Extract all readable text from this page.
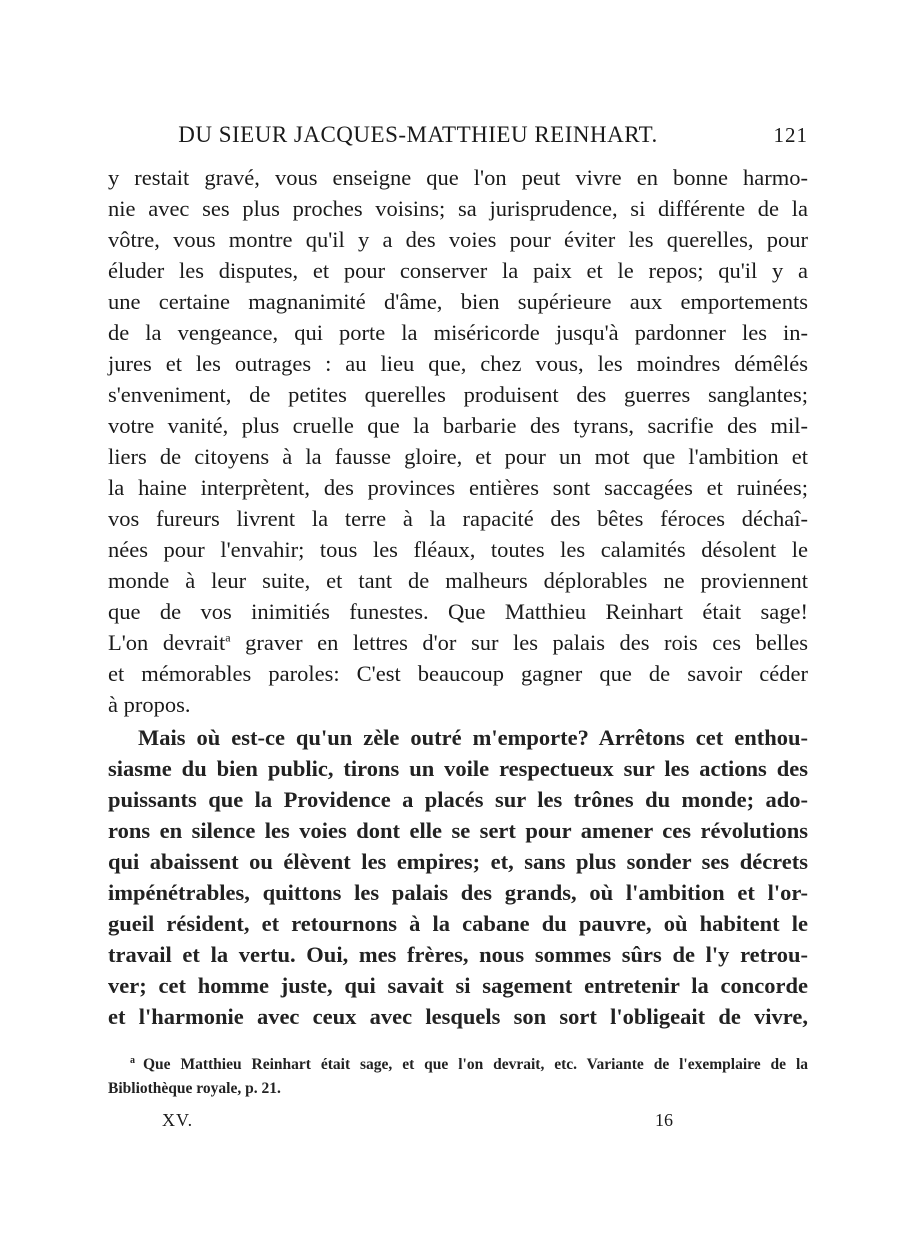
DU SIEUR JACQUES-MATTHIEU REINHART.	121
y restait gravé, vous enseigne que l'on peut vivre en bonne harmo-
nie avec ses plus proches voisins; sa jurisprudence, si différente de la
vôtre, vous montre qu'il y a des voies pour éviter les querelles, pour
éluder les disputes, et pour conserver la paix et le repos; qu'il y a
une certaine magnanimité d'âme, bien supérieure aux emportements
de la vengeance, qui porte la miséricorde jusqu'à pardonner les in-
jures et les outrages : au lieu que, chez vous, les moindres démêlés
s'enveniment, de petites querelles produisent des guerres sanglantes;
votre vanité, plus cruelle que la barbarie des tyrans, sacrifie des mil-
liers de citoyens à la fausse gloire, et pour un mot que l'ambition et
la haine interprètent, des provinces entières sont saccagées et ruinées;
vos fureurs livrent la terre à la rapacité des bêtes féroces déchaî-
nées pour l'envahir; tous les fléaux, toutes les calamités désolent le
monde à leur suite, et tant de malheurs déplorables ne proviennent
que de vos inimitiés funestes. Que Matthieu Reinhart était sage!
L'on devrait$^a$ graver en lettres d'or sur les palais des rois ces belles
et mémorables paroles: C'est beaucoup gagner que de savoir céder
à propos.
Mais où est-ce qu'un zèle outré m'emporte? Arrêtons cet enthou-
siasme du bien public, tirons un voile respectueux sur les actions des
puissants que la Providence a placés sur les trônes du monde; ado-
rons en silence les voies dont elle se sert pour amener ces révolutions
qui abaissent ou élèvent les empires; et, sans plus sonder ses décrets
impénétrables, quittons les palais des grands, où l'ambition et l'or-
gueil résident, et retournons à la cabane du pauvre, où habitent le
travail et la vertu. Oui, mes frères, nous sommes sûrs de l'y retrou-
ver; cet homme juste, qui savait si sagement entretenir la concorde
et l'harmonie avec ceux avec lesquels son sort l'obligeait de vivre,
$^a$ Que Matthieu Reinhart était sage, et que l'on devrait, etc. Variante de l'exemplaire de la
Bibliothèque royale, p. 21.
XV.	16
